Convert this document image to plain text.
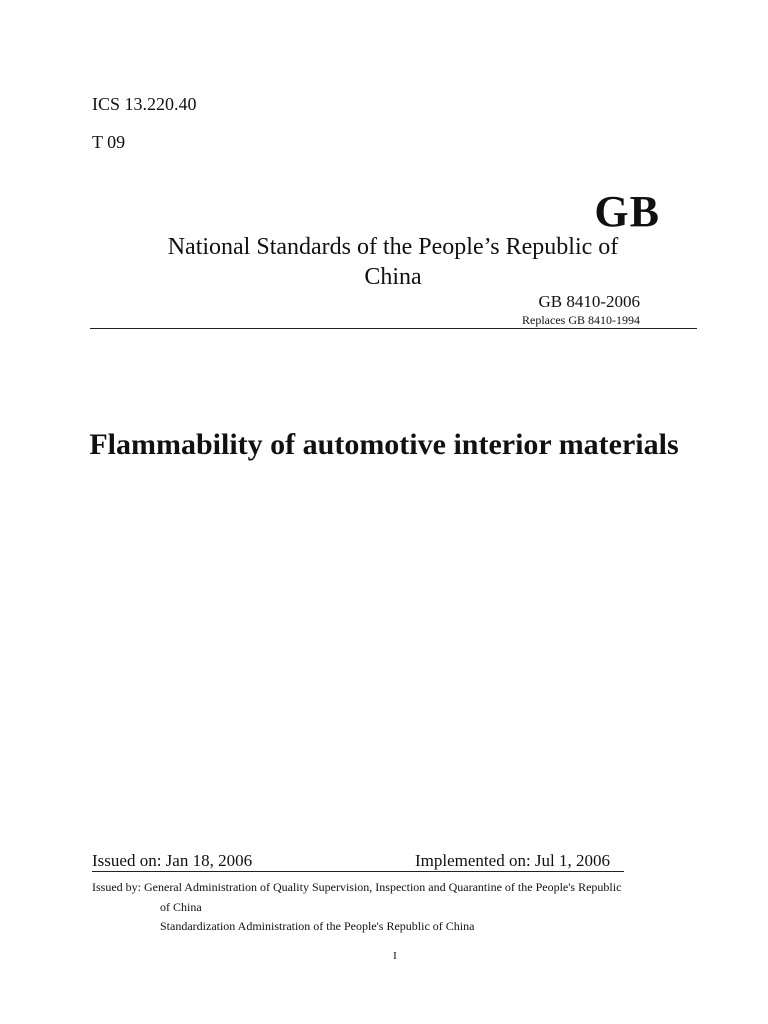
ICS 13.220.40
T 09
GB
National Standards of the People’s Republic of China
GB 8410-2006
Replaces GB 8410-1994
Flammability of automotive interior materials
Issued on: Jan 18, 2006	Implemented on: Jul 1, 2006
Issued by: General Administration of Quality Supervision, Inspection and Quarantine of the People's Republic
of China
Standardization Administration of the People's Republic of China
I
